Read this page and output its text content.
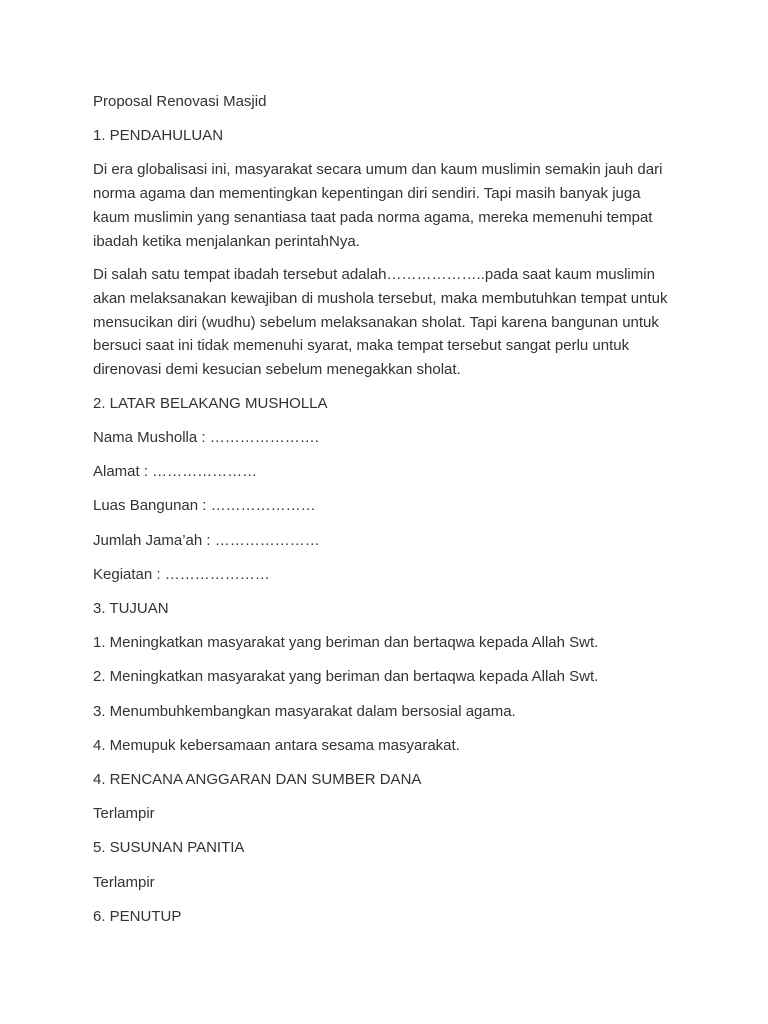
Proposal Renovasi Masjid
1. PENDAHULUAN
Di era globalisasi ini, masyarakat secara umum dan kaum muslimin semakin jauh dari norma agama dan mementingkan kepentingan diri sendiri. Tapi masih banyak juga kaum muslimin yang senantiasa taat pada norma agama, mereka memenuhi tempat ibadah ketika menjalankan perintahNya.
Di salah satu tempat ibadah tersebut adalah………………..pada saat kaum muslimin akan melaksanakan kewajiban di mushola tersebut, maka membutuhkan tempat untuk mensucikan diri (wudhu) sebelum melaksanakan sholat. Tapi karena bangunan untuk bersuci saat ini tidak memenuhi syarat, maka tempat tersebut sangat perlu untuk direnovasi demi kesucian sebelum menegakkan sholat.
2. LATAR BELAKANG MUSHOLLA
Nama Musholla : ………………….
Alamat : …………………
Luas Bangunan : …………………
Jumlah Jama’ah : …………………
Kegiatan : …………………
3. TUJUAN
1. Meningkatkan masyarakat yang beriman dan bertaqwa kepada Allah Swt.
2. Meningkatkan masyarakat yang beriman dan bertaqwa kepada Allah Swt.
3. Menumbuhkembangkan masyarakat dalam bersosial agama.
4. Memupuk kebersamaan antara sesama masyarakat.
4. RENCANA ANGGARAN DAN SUMBER DANA
Terlampir
5. SUSUNAN PANITIA
Terlampir
6. PENUTUP
